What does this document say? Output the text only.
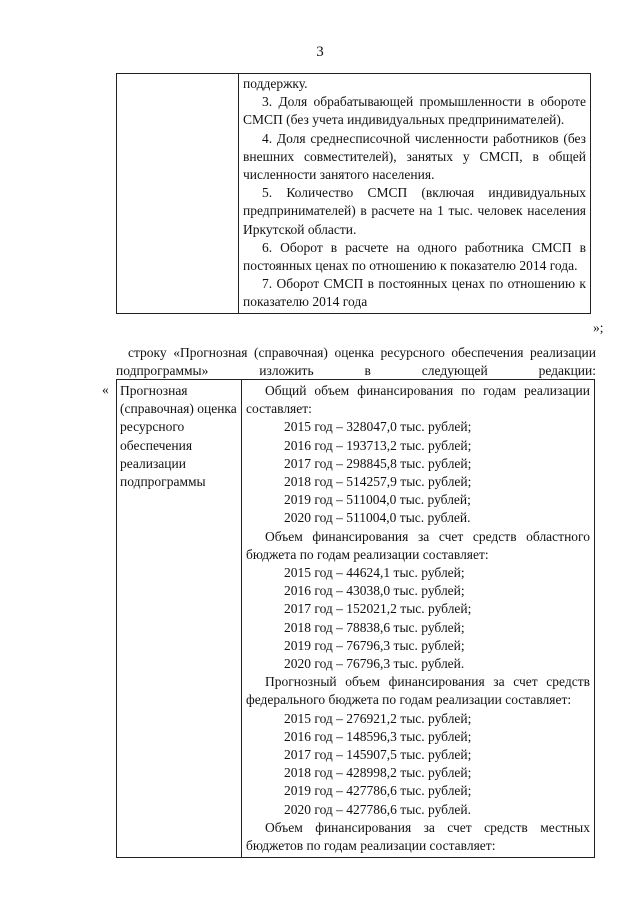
3

поддержку.
3. Доля обрабатывающей промышленности в обороте СМСП (без учета индивидуальных предпринимателей).
4. Доля среднесписочной численности работников (без внешних совместителей), занятых у СМСП, в общей численности занятого населения.
5. Количество СМСП (включая индивидуальных предпринимателей) в расчете на 1 тыс. человек населения Иркутской области.
6. Оборот в расчете на одного работника СМСП в постоянных ценах по отношению к показателю 2014 года.
7. Оборот СМСП в постоянных ценах по отношению к показателю 2014 года
»;
строку «Прогнозная (справочная) оценка ресурсного обеспечения реализации подпрограммы» изложить в следующей редакции:
« Прогнозная (справочная) оценка ресурсного обеспечения реализации подпрограммы	
Общий объем финансирования по годам реализации составляет:
2015 год – 328047,0 тыс. рублей;
2016 год – 193713,2 тыс. рублей;
2017 год – 298845,8 тыс. рублей;
2018 год – 514257,9 тыс. рублей;
2019 год – 511004,0 тыс. рублей;
2020 год – 511004,0 тыс. рублей.
Объем финансирования за счет средств областного бюджета по годам реализации составляет:
2015 год – 44624,1 тыс. рублей;
2016 год – 43038,0 тыс. рублей;
2017 год – 152021,2 тыс. рублей;
2018 год – 78838,6 тыс. рублей;
2019 год – 76796,3 тыс. рублей;
2020 год – 76796,3 тыс. рублей.
Прогнозный объем финансирования за счет средств федерального бюджета по годам реализации составляет:
2015 год – 276921,2 тыс. рублей;
2016 год – 148596,3 тыс. рублей;
2017 год – 145907,5 тыс. рублей;
2018 год – 428998,2 тыс. рублей;
2019 год – 427786,6 тыс. рублей;
2020 год – 427786,6 тыс. рублей.
Объем финансирования за счет средств местных бюджетов по годам реализации составляет:
